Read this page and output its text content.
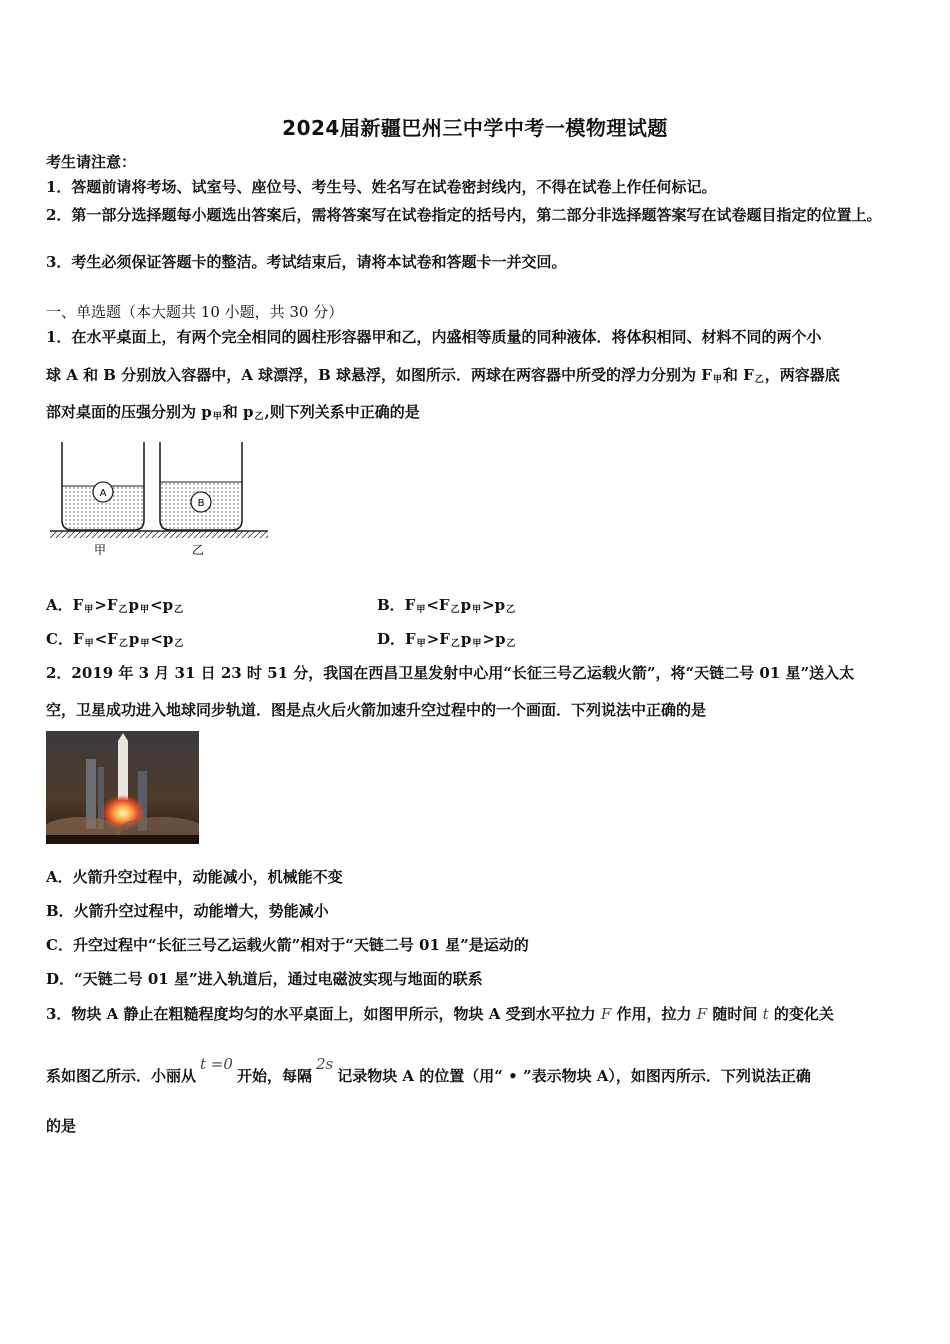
2024届新疆巴州三中学中考一模物理试题
考生请注意：
1．答题前请将考场、试室号、座位号、考生号、姓名写在试卷密封线内，不得在试卷上作任何标记。
2．第一部分选择题每小题选出答案后，需将答案写在试卷指定的括号内，第二部分非选择题答案写在试卷题目指定的位置上。
3．考生必须保证答题卡的整洁。考试结束后，请将本试卷和答题卡一并交回。
一、单选题（本大题共 10 小题，共 30 分）
1．在水平桌面上，有两个完全相同的圆柱形容器甲和乙，内盛相等质量的同种液体．将体积相同、材料不同的两个小
球 A 和 B 分别放入容器中，A 球漂浮，B 球悬浮，如图所示．两球在两容器中所受的浮力分别为 $F_甲$和 $F_乙$，两容器底
部对桌面的压强分别为 $p_甲$和 $p_乙$,则下列关系中正确的是
A
B
甲	乙
A．$F_甲>F_乙p_甲<p_乙$	B．$F_甲<F_乙p_甲>p_乙$
C．$F_甲<F_乙p_甲<p_乙$	D．$F_甲>F_乙p_甲>p_乙$
2．2019 年 3 月 31 日 23 时 51 分，我国在西昌卫星发射中心用“长征三号乙运载火箭”，将“天链二号 01 星”送入太
空，卫星成功进入地球同步轨道．图是点火后火箭加速升空过程中的一个画面．下列说法中正确的是
A．火箭升空过程中，动能减小，机械能不变
B．火箭升空过程中，动能增大，势能减小
C．升空过程中“长征三号乙运载火箭”相对于“天链二号 01 星”是运动的
D．“天链二号 01 星”进入轨道后，通过电磁波实现与地面的联系
3．物块 A 静止在粗糙程度均匀的水平桌面上，如图甲所示，物块 A 受到水平拉力 F 作用，拉力 F 随时间 t 的变化关
系如图乙所示．小丽从t =0开始，每隔2s记录物块 A 的位置（用“ • ”表示物块 A），如图丙所示．下列说法正确
的是
